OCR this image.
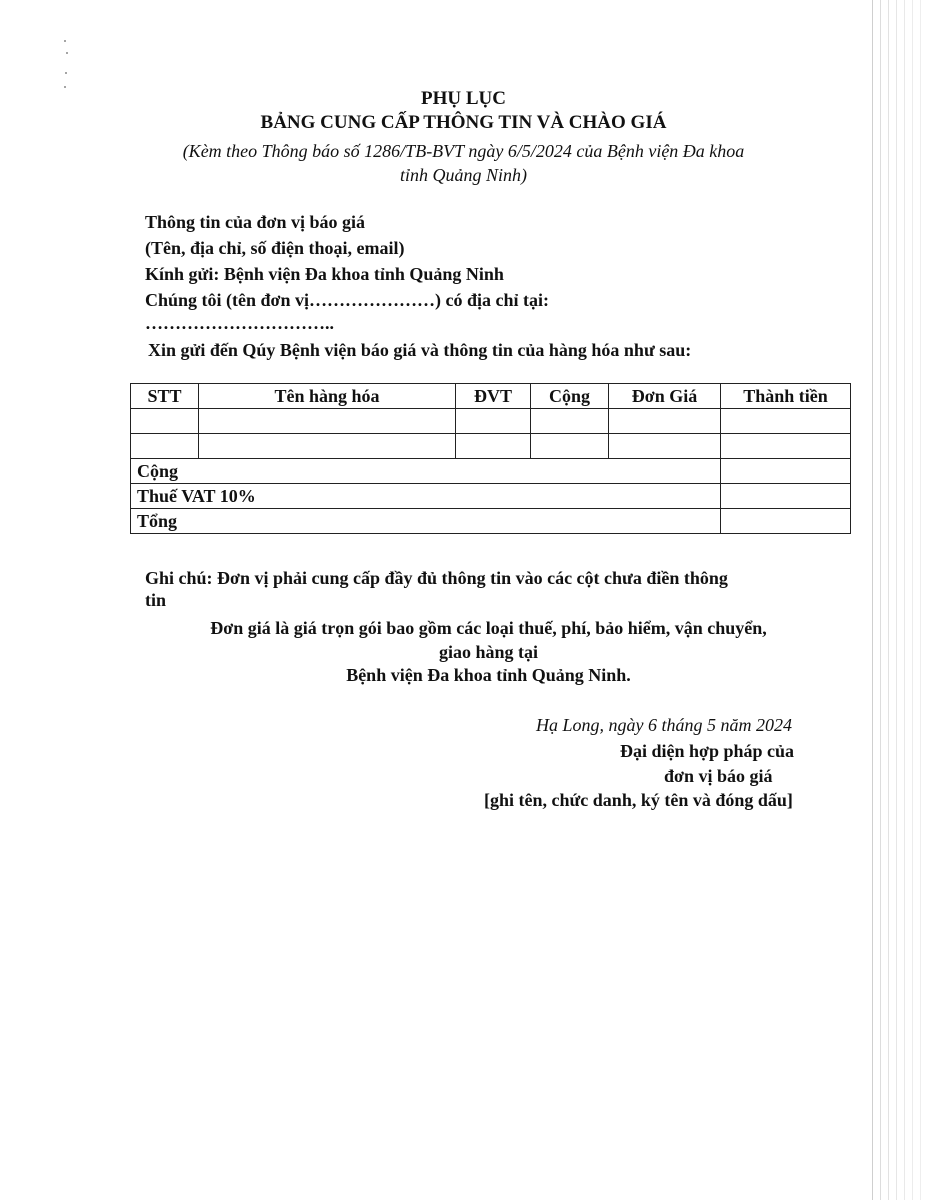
PHỤ LỤC
BẢNG CUNG CẤP THÔNG TIN VÀ CHÀO GIÁ
(Kèm theo Thông báo số 1286/TB-BVT ngày 6/5/2024 của Bệnh viện Đa khoa
tỉnh Quảng Ninh)
Thông tin của đơn vị báo giá
(Tên, địa chỉ, số điện thoại, email)
Kính gửi: Bệnh viện Đa khoa tỉnh Quảng Ninh
Chúng tôi (tên đơn vị…………………) có địa chỉ tại:
…………………………..
Xin gửi đến Qúy Bệnh viện báo giá và thông tin của hàng hóa như sau:
STT	Tên hàng hóa	ĐVT	Cộng	Đơn Giá	Thành tiền

Cộng					
Thuế VAT 10%					
Tổng					
Ghi chú: Đơn vị phải cung cấp đầy đủ thông tin vào các cột chưa điền thông
tin
Đơn giá là giá trọn gói bao gồm các loại thuế, phí, bảo hiểm, vận chuyển,
giao hàng tại
Bệnh viện Đa khoa tỉnh Quảng Ninh.
Hạ Long, ngày 6 tháng 5 năm 2024
Đại diện hợp pháp của
đơn vị báo giá
[ghi tên, chức danh, ký tên và đóng dấu]
